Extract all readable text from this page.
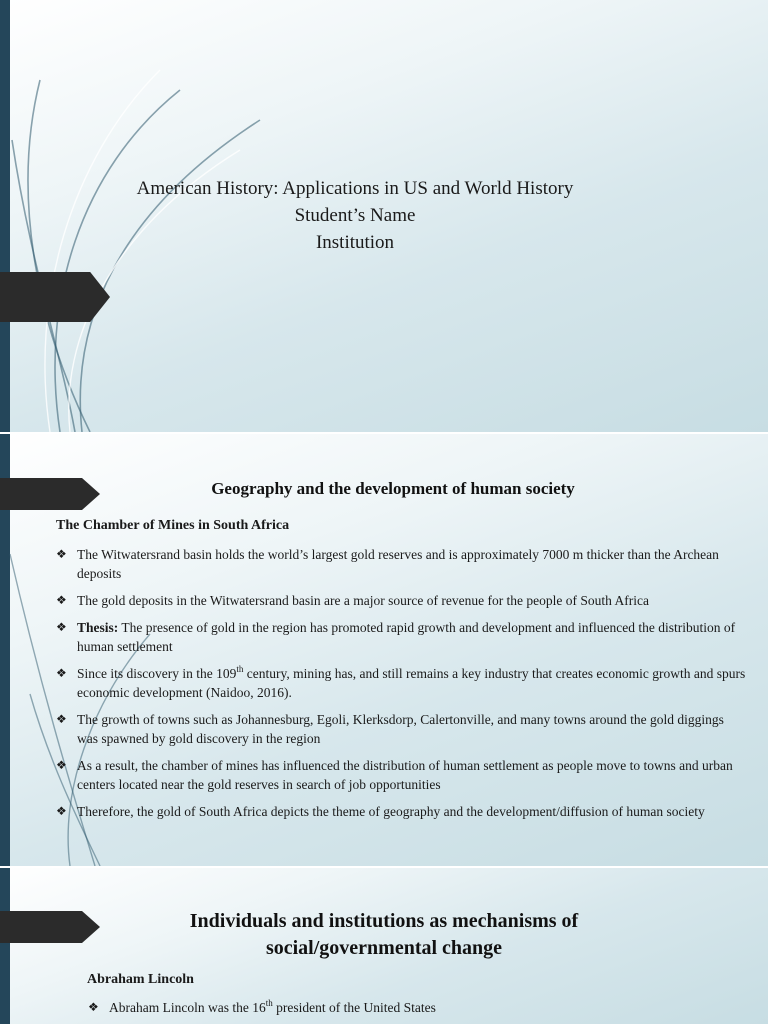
American History: Applications in US and World History
Student’s Name
Institution
Geography and the development of human society
The Chamber of Mines in South Africa
❖ The Witwatersrand basin holds the world’s largest gold reserves and is approximately 7000 m thicker than the Archean deposits
❖ The gold deposits in the Witwatersrand basin are a major source of revenue for the people of South Africa
❖ Thesis: The presence of gold in the region has promoted rapid growth and development and influenced the distribution of human settlement
❖ Since its discovery in the 109th century, mining has, and still remains a key industry that creates economic growth and spurs economic development (Naidoo, 2016).
❖ The growth of towns such as Johannesburg, Egoli, Klerksdorp, Calertonville, and many towns around the gold diggings was spawned by gold discovery in the region
❖ As a result, the chamber of mines has influenced the distribution of human settlement as people move to towns and urban centers located near the gold reserves in search of job opportunities
❖ Therefore, the gold of South Africa depicts the theme of geography and the development/diffusion of human society
Individuals and institutions as mechanisms of
social/governmental change
Abraham Lincoln
❖ Abraham Lincoln was the 16th president of the United States
